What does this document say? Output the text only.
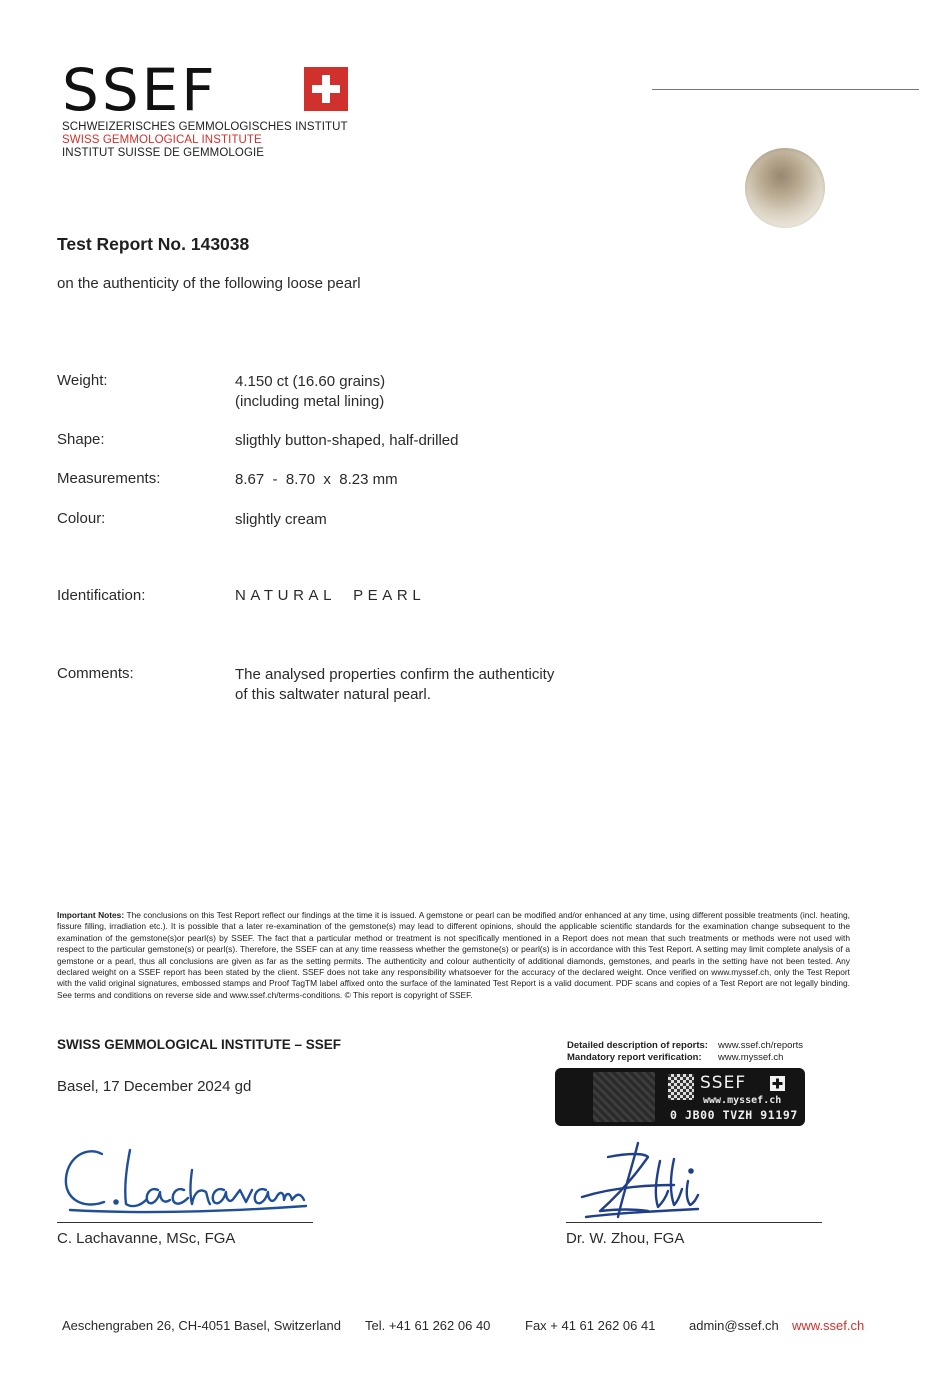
SSEF
SCHWEIZERISCHES GEMMOLOGISCHES INSTITUT
SWISS GEMMOLOGICAL INSTITUTE
INSTITUT SUISSE DE GEMMOLOGIE
Test Report No. 143038
on the authenticity of the following loose pearl
Weight:	4.150 ct (16.60 grains)
(including metal lining)
Shape:	sligthly button-shaped, half-drilled
Measurements:	8.67  -  8.70  x  8.23 mm
Colour:	slightly cream
Identification:	NATURAL  PEARL
Comments:	The analysed properties confirm the authenticity
of this saltwater natural pearl.
Important Notes: The conclusions on this Test Report reflect our findings at the time it is issued. A gemstone or pearl can be modified and/or enhanced at any time, using different possible treatments (incl. heating, fissure filling, irradiation etc.). It is possible that a later re-examination of the gemstone(s) may lead to different opinions, should the applicable scientific standards for the examination change subsequent to the examination of the gemstone(s)or pearl(s) by SSEF. The fact that a particular method or treatment is not specifically mentioned in a Report does not mean that such treatments or methods were not used with respect to the particular gemstone(s) or pearl(s). Therefore, the SSEF can at any time reassess whether the gemstone(s) or pearl(s) is in accordance with this Test Report. A setting may limit complete analysis of a gemstone or a pearl, thus all conclusions are given as far as the setting permits. The authenticity and colour authenticity of additional diamonds, gemstones, and pearls in the setting have not been tested. Any declared weight on a SSEF report has been stated by the client. SSEF does not take any responsibility whatsoever for the accuracy of the declared weight. Once verified on www.myssef.ch, only the Test Report with the valid original signatures, embossed stamps and Proof TagTM label affixed onto the surface of the laminated Test Report is a valid document. PDF scans and copies of a Test Report are not legally binding. See terms and conditions on reverse side and www.ssef.ch/terms-conditions. © This report is copyright of SSEF.
SWISS GEMMOLOGICAL INSTITUTE – SSEF
Basel, 17 December 2024 gd
Detailed description of reports: www.ssef.ch/reports
Mandatory report verification: www.myssef.ch
SSEF
www.myssef.ch
0 JB00 TVZH 91197
C. Lachavanne, MSc, FGA	Dr. W. Zhou, FGA
Aeschengraben 26, CH-4051 Basel, Switzerland Tel. +41 61 262 06 40	Fax + 41 61 262 06 41	admin@ssef.ch www.ssef.ch
